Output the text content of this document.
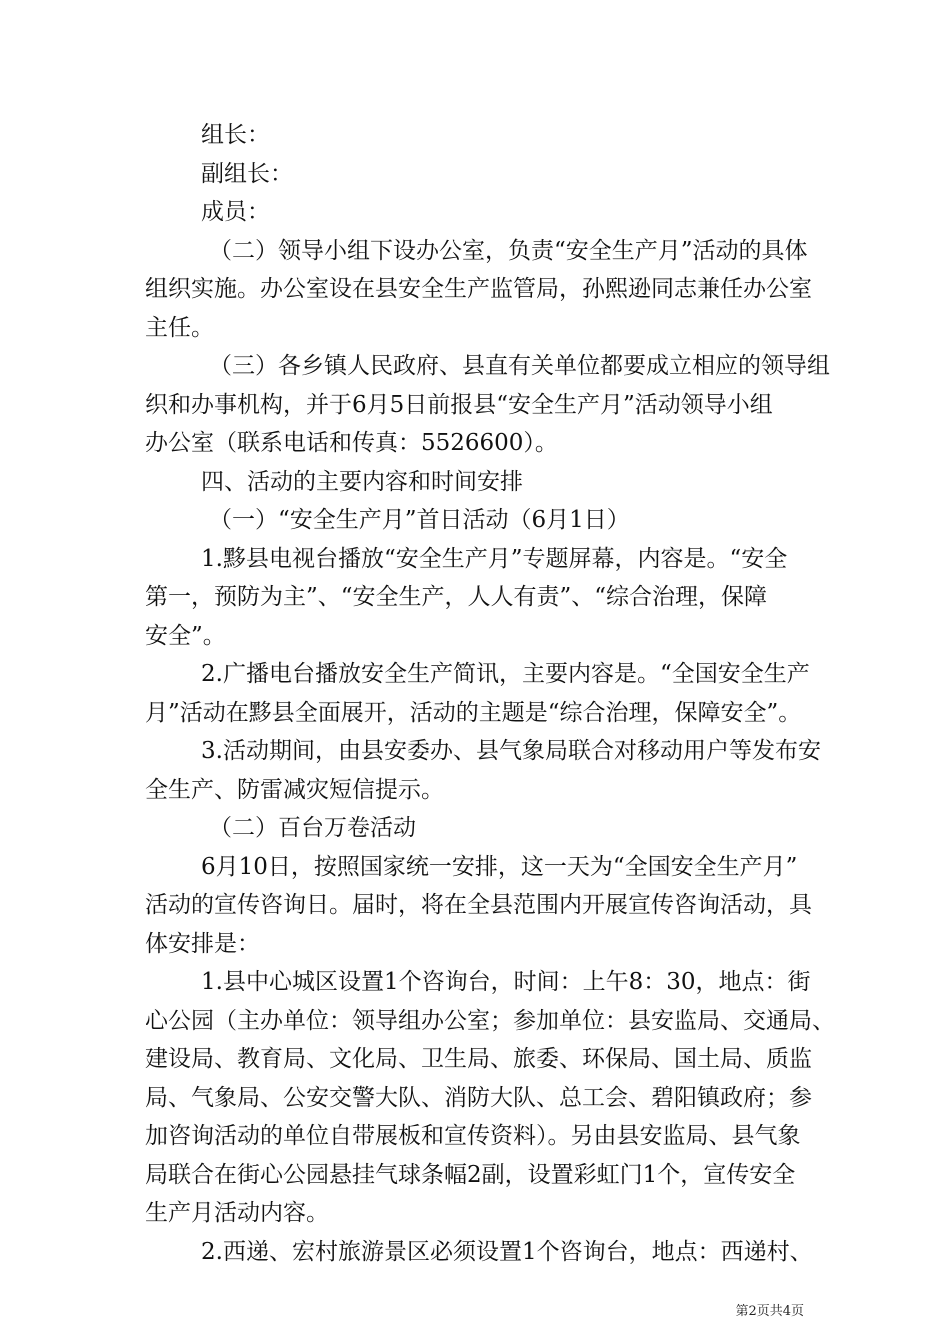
组长：
副组长：
成员：
（二）领导小组下设办公室，负责“安全生产月”活动的具体
组织实施。办公室设在县安全生产监管局，孙熙逊同志兼任办公室
主任。
（三）各乡镇人民政府、县直有关单位都要成立相应的领导组
织和办事机构，并于6月5日前报县“安全生产月”活动领导小组
办公室（联系电话和传真：5526600）。
四、活动的主要内容和时间安排
（一）“安全生产月”首日活动（6月1日）
1.黟县电视台播放“安全生产月”专题屏幕，内容是。“安全
第一，预防为主”、“安全生产，人人有责”、“综合治理，保障
安全”。
2.广播电台播放安全生产简讯，主要内容是。“全国安全生产
月”活动在黟县全面展开，活动的主题是“综合治理，保障安全”。
3.活动期间，由县安委办、县气象局联合对移动用户等发布安
全生产、防雷减灾短信提示。
（二）百台万卷活动
6月10日，按照国家统一安排，这一天为“全国安全生产月”
活动的宣传咨询日。届时，将在全县范围内开展宣传咨询活动，具
体安排是：
1.县中心城区设置1个咨询台，时间：上午8：30，地点：街
心公园（主办单位：领导组办公室；参加单位：县安监局、交通局、
建设局、教育局、文化局、卫生局、旅委、环保局、国土局、质监
局、气象局、公安交警大队、消防大队、总工会、碧阳镇政府；参
加咨询活动的单位自带展板和宣传资料）。另由县安监局、县气象
局联合在街心公园悬挂气球条幅2副，设置彩虹门1个，宣传安全
生产月活动内容。
2.西递、宏村旅游景区必须设置1个咨询台，地点：西递村、
第2页共4页
